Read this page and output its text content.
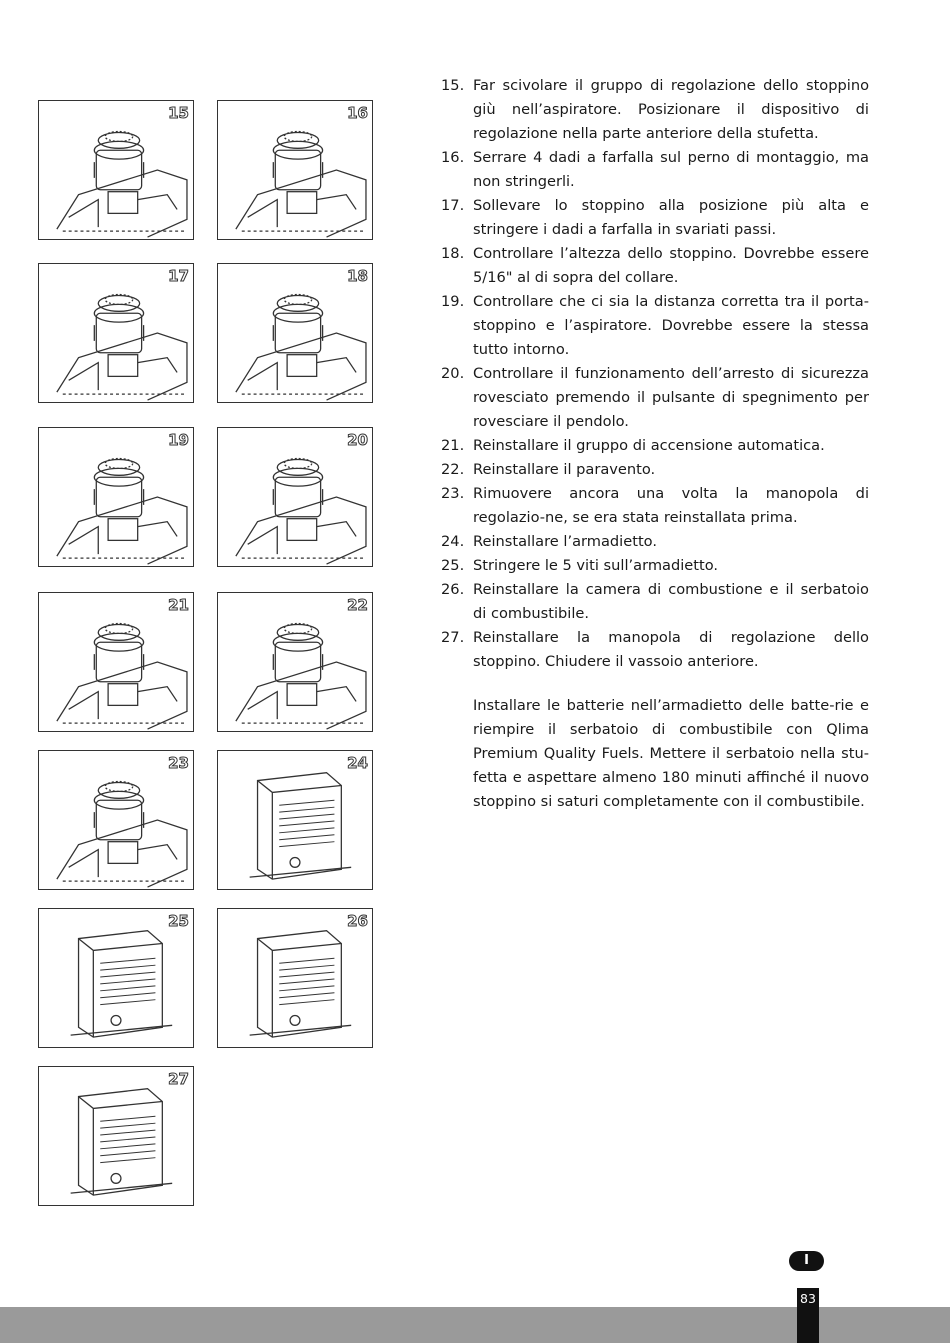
15	16
17	18
19	20
21	22
23	24
25	26
27
15. Far scivolare il gruppo di regolazione dello stoppino giù nell’aspiratore. Posizionare il dispositivo di regolazione nella parte anteriore della stufetta.
16. Serrare 4 dadi a farfalla sul perno di montaggio, ma non stringerli.
17. Sollevare lo stoppino alla posizione più alta e stringere i dadi a farfalla in svariati passi.
18. Controllare l’altezza dello stoppino. Dovrebbe essere 5/16" al di sopra del collare.
19. Controllare che ci sia la distanza corretta tra il porta-stoppino e l’aspiratore. Dovrebbe essere la stessa tutto intorno.
20. Controllare il funzionamento dell’arresto di sicurezza rovesciato premendo il pulsante di spegnimento per rovesciare il pendolo.
21. Reinstallare il gruppo di accensione automatica.
22. Reinstallare il paravento.
23. Rimuovere ancora una volta la manopola di regolazio-ne, se era stata reinstallata prima.
24. Reinstallare l’armadietto.
25. Stringere le 5 viti sull’armadietto.
26. Reinstallare la camera di combustione e il serbatoio di combustibile.
27. Reinstallare la manopola di regolazione dello stoppino. Chiudere il vassoio anteriore.

Installare le batterie nell’armadietto delle batte-rie e riempire il serbatoio di combustibile con Qlima Premium Quality Fuels. Mettere il serbatoio nella stu-fetta e aspettare almeno 180 minuti affinché il nuovo stoppino si saturi completamente con il combustibile.

I
83
